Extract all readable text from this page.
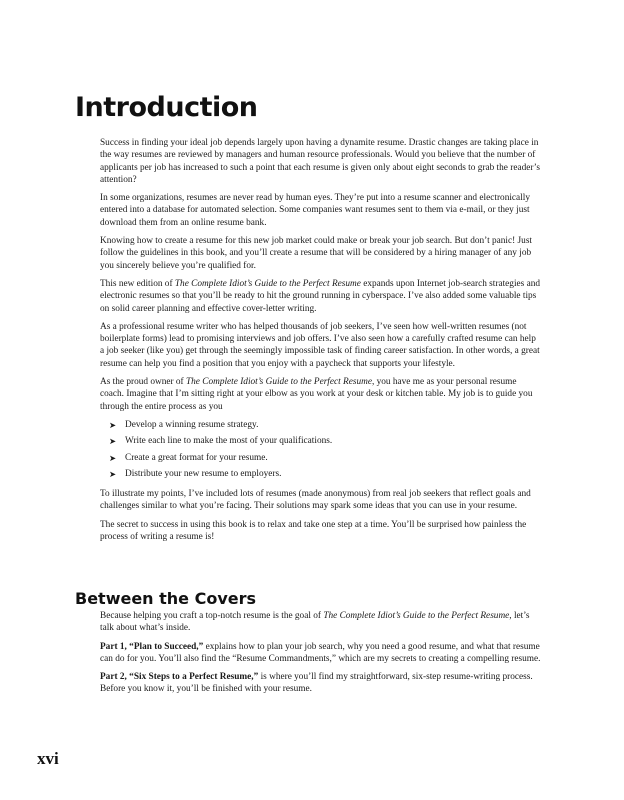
Introduction

Success in finding your ideal job depends largely upon having a dynamite resume. Drastic changes are taking place in the way resumes are reviewed by managers and human resource professionals. Would you believe that the number of applicants per job has increased to such a point that each resume is given only about eight seconds to grab the reader’s attention?

In some organizations, resumes are never read by human eyes. They’re put into a resume scanner and electronically entered into a database for automated selection. Some companies want resumes sent to them via e-mail, or they just download them from an online resume bank.

Knowing how to create a resume for this new job market could make or break your job search. But don’t panic! Just follow the guidelines in this book, and you’ll create a resume that will be considered by a hiring manager of any job you sincerely believe you’re qualified for.

This new edition of The Complete Idiot’s Guide to the Perfect Resume expands upon Internet job-search strategies and electronic resumes so that you’ll be ready to hit the ground running in cyberspace. I’ve also added some valuable tips on solid career planning and effective cover-letter writing.

As a professional resume writer who has helped thousands of job seekers, I’ve seen how well-written resumes (not boilerplate forms) lead to promising interviews and job offers. I’ve also seen how a carefully crafted resume can help a job seeker (like you) get through the seemingly impossible task of finding career satisfaction. In other words, a great resume can help you find a position that you enjoy with a paycheck that supports your lifestyle.

As the proud owner of The Complete Idiot’s Guide to the Perfect Resume, you have me as your personal resume coach. Imagine that I’m sitting right at your elbow as you work at your desk or kitchen table. My job is to guide you through the entire process as you

➤ Develop a winning resume strategy.
➤ Write each line to make the most of your qualifications.
➤ Create a great format for your resume.
➤ Distribute your new resume to employers.

To illustrate my points, I’ve included lots of resumes (made anonymous) from real job seekers that reflect goals and challenges similar to what you’re facing. Their solutions may spark some ideas that you can use in your resume.

The secret to success in using this book is to relax and take one step at a time. You’ll be surprised how painless the process of writing a resume is!

Between the Covers

Because helping you craft a top-notch resume is the goal of The Complete Idiot’s Guide to the Perfect Resume, let’s talk about what’s inside.

Part 1, “Plan to Succeed,” explains how to plan your job search, why you need a good resume, and what that resume can do for you. You’ll also find the “Resume Commandments,” which are my secrets to creating a compelling resume.

Part 2, “Six Steps to a Perfect Resume,” is where you’ll find my straightforward, six-step resume-writing process. Before you know it, you’ll be finished with your resume.

xvi
